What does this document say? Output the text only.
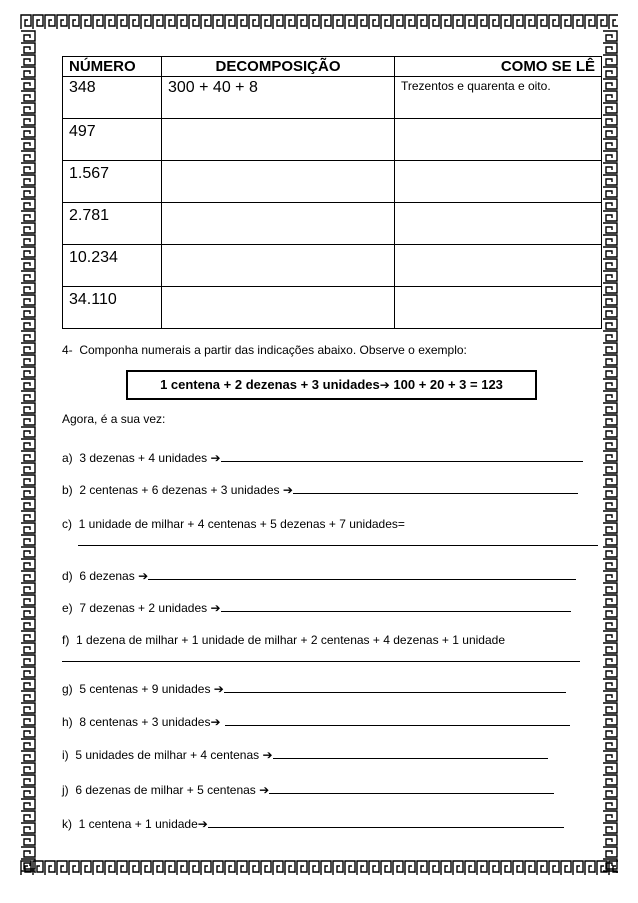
NÚMERO	DECOMPOSIÇÃO	COMO SE LÊ
348	300 + 40 + 8	Trezentos e quarenta e oito.
497		
1.567		
2.781		
10.234		
34.110		
4- Componha numerais a partir das indicações abaixo. Observe o exemplo:
1 centena + 2 dezenas + 3 unidades➔ 100 + 20 + 3 = 123
Agora, é a sua vez:
a) 3 dezenas + 4 unidades ➔
b) 2 centenas + 6 dezenas + 3 unidades ➔
c) 1 unidade de milhar + 4 centenas + 5 dezenas + 7 unidades=
d) 6 dezenas ➔
e) 7 dezenas + 2 unidades ➔
f) 1 dezena de milhar + 1 unidade de milhar + 2 centenas + 4 dezenas + 1 unidade
g) 5 centenas + 9 unidades ➔
h) 8 centenas + 3 unidades➔
i) 5 unidades de milhar + 4 centenas ➔
j) 6 dezenas de milhar + 5 centenas ➔
k) 1 centena + 1 unidade➔
